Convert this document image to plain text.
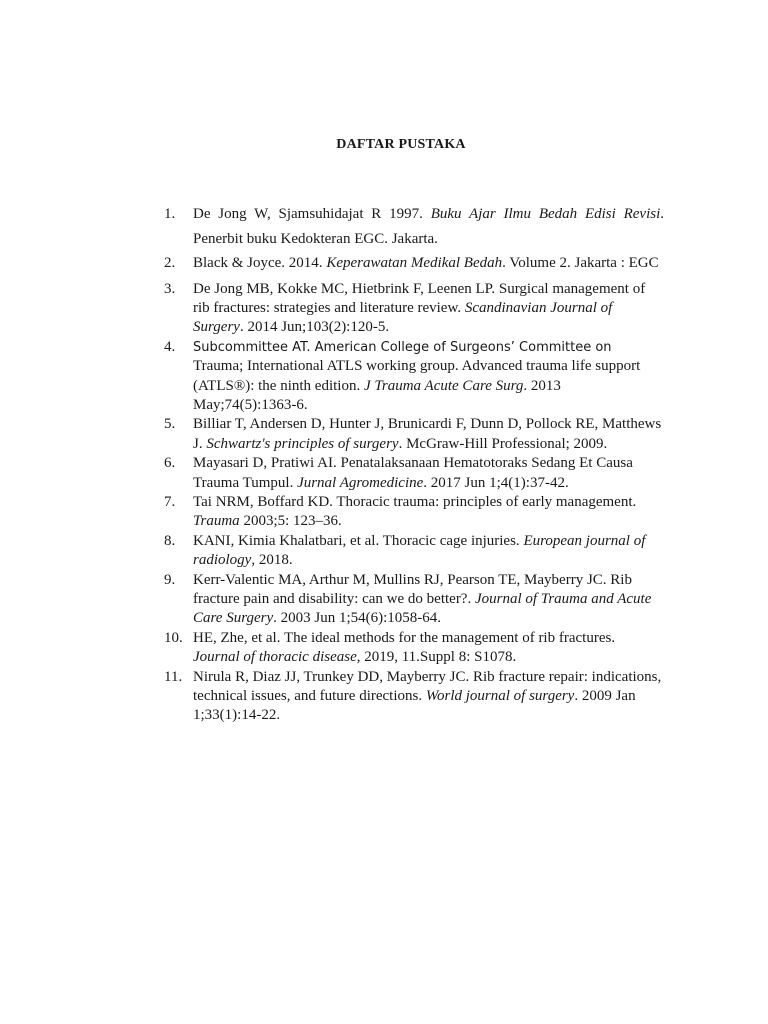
DAFTAR PUSTAKA
1. De Jong W, Sjamsuhidajat R 1997. Buku Ajar Ilmu Bedah Edisi Revisi. Penerbit buku Kedokteran EGC. Jakarta.
2. Black & Joyce. 2014. Keperawatan Medikal Bedah. Volume 2. Jakarta : EGC
3. De Jong MB, Kokke MC, Hietbrink F, Leenen LP. Surgical management of rib fractures: strategies and literature review. Scandinavian Journal of Surgery. 2014 Jun;103(2):120-5.
4. Subcommittee AT. American College of Surgeons’ Committee on Trauma; International ATLS working group. Advanced trauma life support (ATLS®): the ninth edition. J Trauma Acute Care Surg. 2013 May;74(5):1363-6.
5. Billiar T, Andersen D, Hunter J, Brunicardi F, Dunn D, Pollock RE, Matthews J. Schwartz's principles of surgery. McGraw-Hill Professional; 2009.
6. Mayasari D, Pratiwi AI. Penatalaksanaan Hematotoraks Sedang Et Causa Trauma Tumpul. Jurnal Agromedicine. 2017 Jun 1;4(1):37-42.
7. Tai NRM, Boffard KD. Thoracic trauma: principles of early management. Trauma 2003;5: 123–36.
8. KANI, Kimia Khalatbari, et al. Thoracic cage injuries. European journal of radiology, 2018.
9. Kerr-Valentic MA, Arthur M, Mullins RJ, Pearson TE, Mayberry JC. Rib fracture pain and disability: can we do better?. Journal of Trauma and Acute Care Surgery. 2003 Jun 1;54(6):1058-64.
10. HE, Zhe, et al. The ideal methods for the management of rib fractures. Journal of thoracic disease, 2019, 11.Suppl 8: S1078.
11. Nirula R, Diaz JJ, Trunkey DD, Mayberry JC. Rib fracture repair: indications, technical issues, and future directions. World journal of surgery. 2009 Jan 1;33(1):14-22.
